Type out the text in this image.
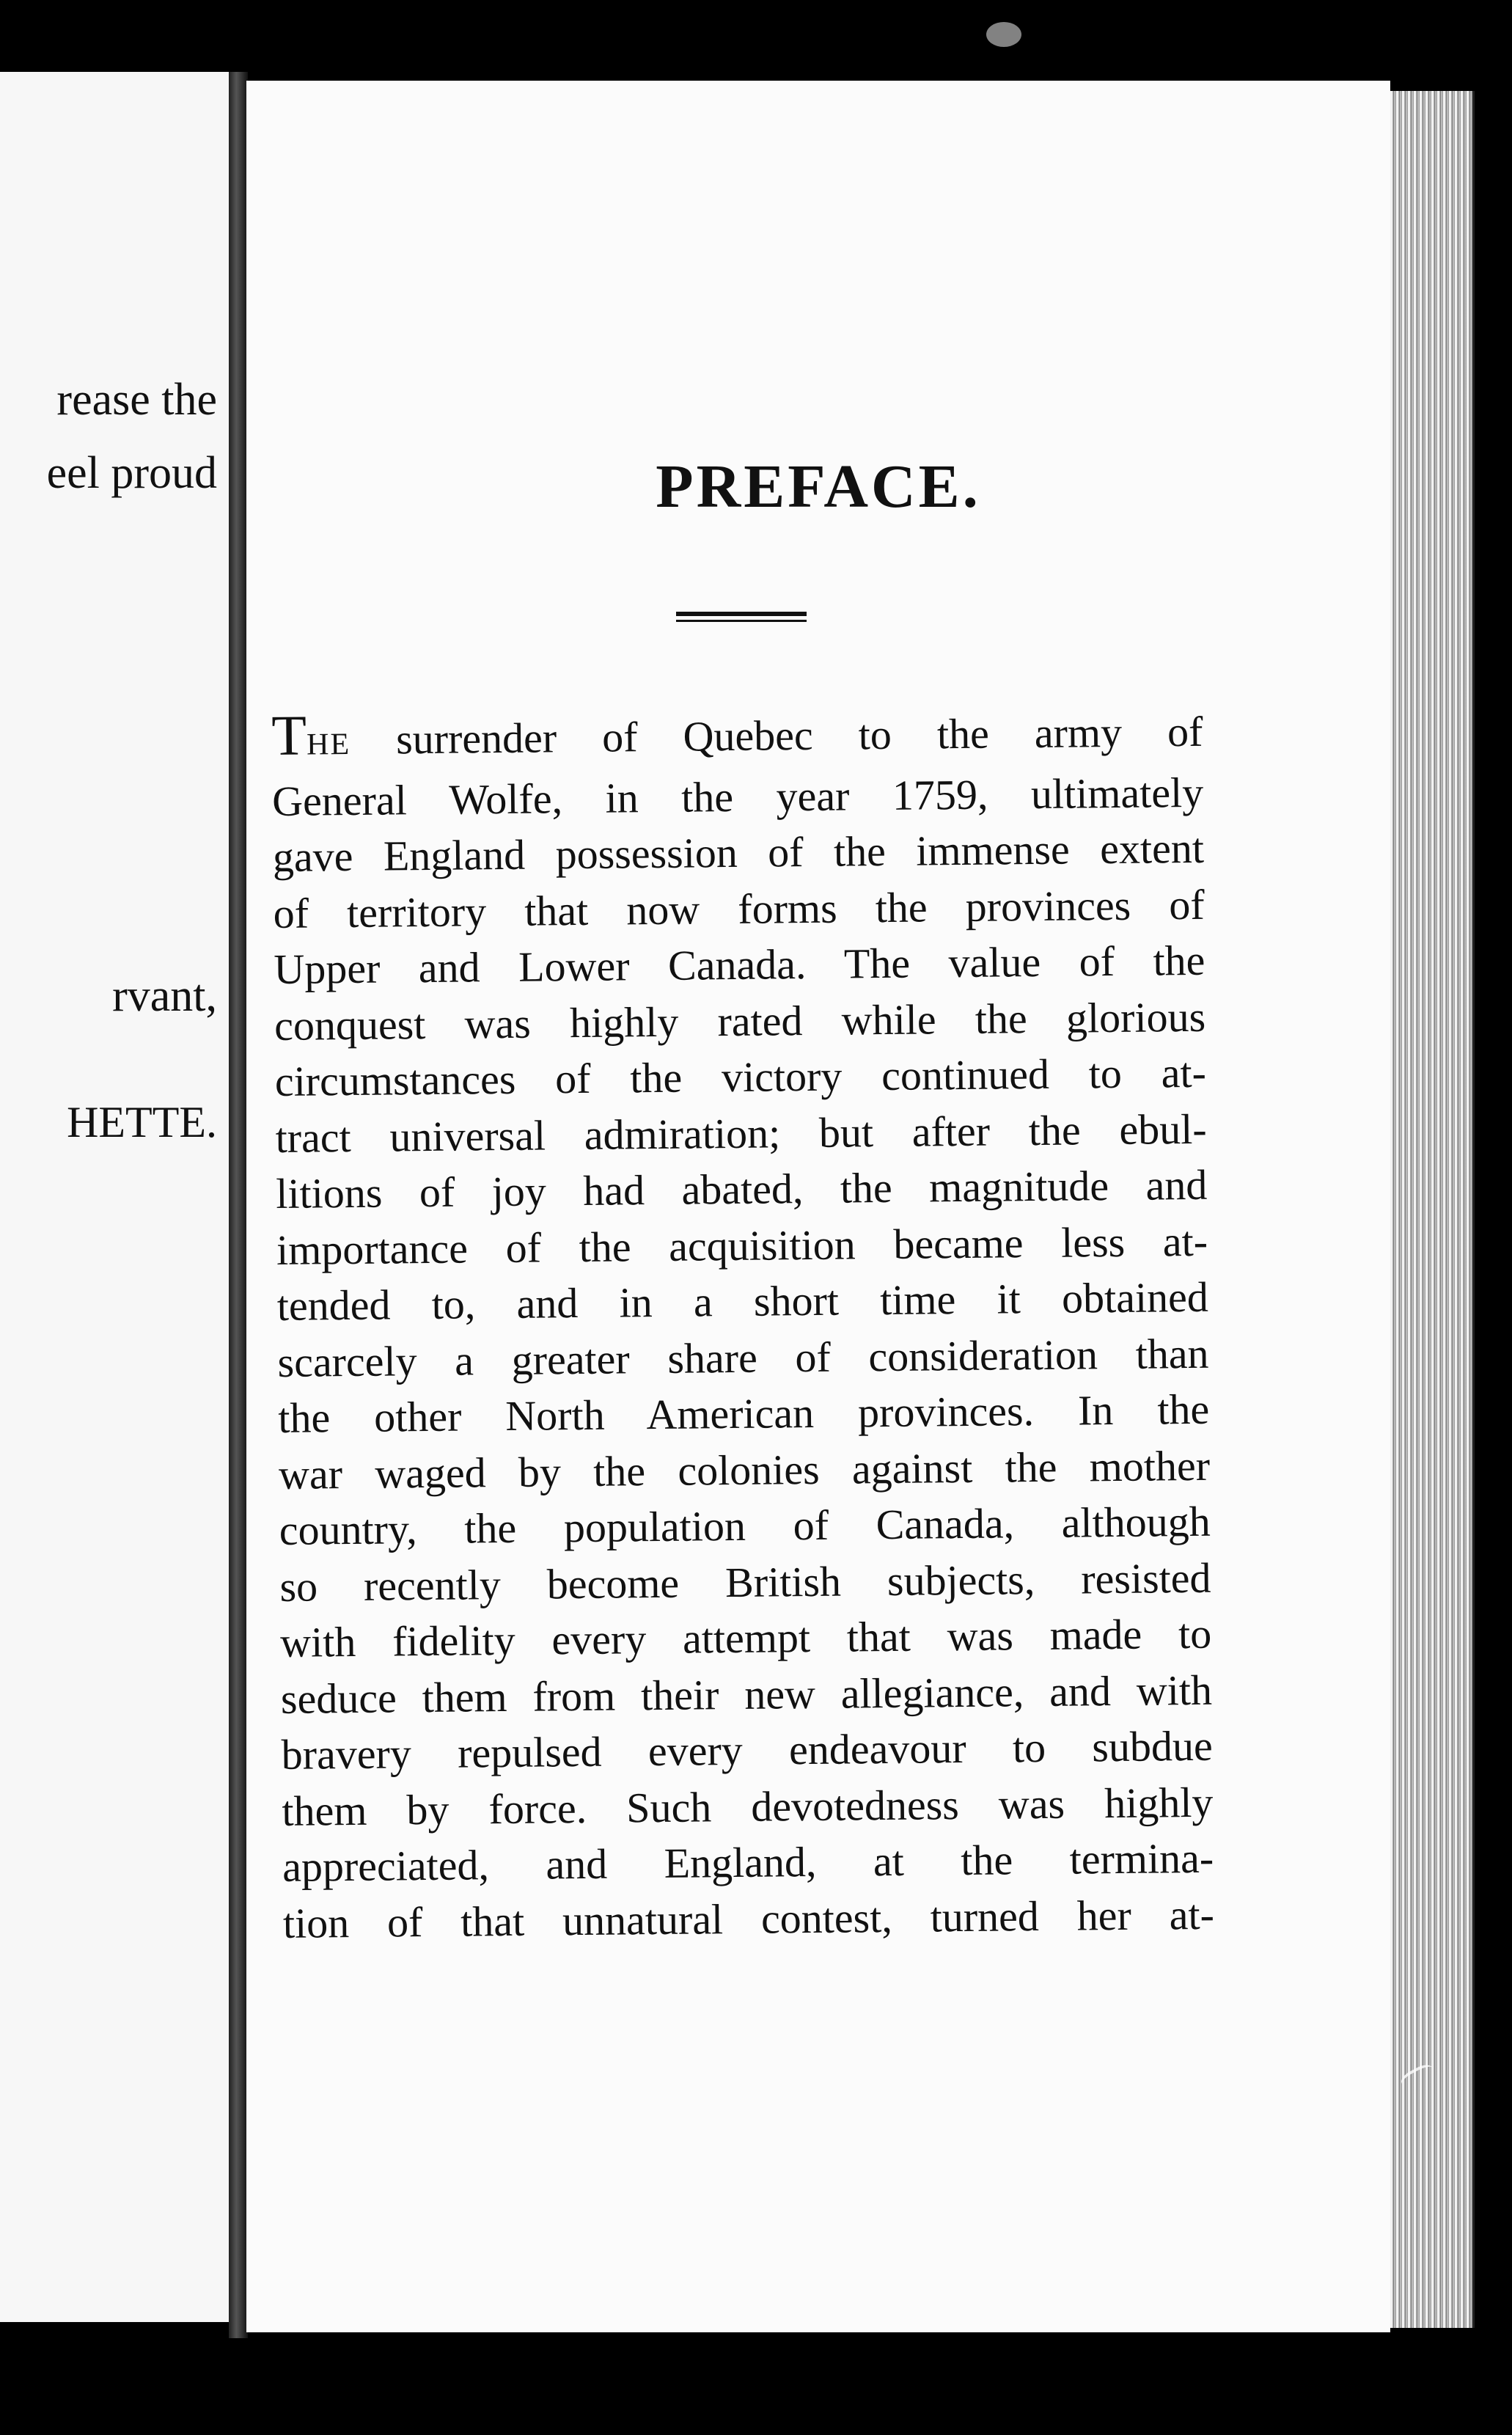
rease the
eel proud
rvant,
HETTE.
PREFACE.

THE surrender of Quebec to the army of
General Wolfe, in the year 1759, ultimately
gave England possession of the immense extent
of territory that now forms the provinces of
Upper and Lower Canada. The value of the
conquest was highly rated while the glorious
circumstances of the victory continued to at-
tract universal admiration; but after the ebul-
litions of joy had abated, the magnitude and
importance of the acquisition became less at-
tended to, and in a short time it obtained
scarcely a greater share of consideration than
the other North American provinces. In the
war waged by the colonies against the mother
country, the population of Canada, although
so recently become British subjects, resisted
with fidelity every attempt that was made to
seduce them from their new allegiance, and with
bravery repulsed every endeavour to subdue
them by force. Such devotedness was highly
appreciated, and England, at the termina-
tion of that unnatural contest, turned her at-
